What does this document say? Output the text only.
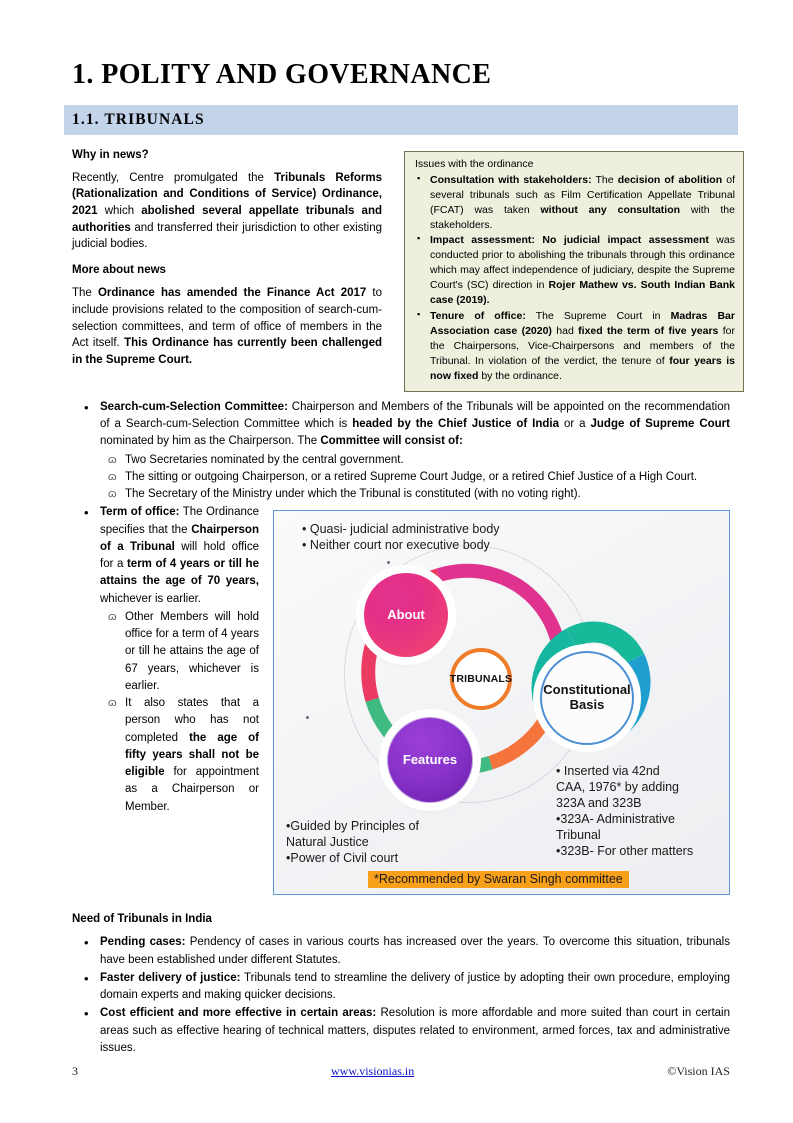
1. POLITY AND GOVERNANCE
1.1. TRIBUNALS
Why in news?

Recently, Centre promulgated the Tribunals Reforms (Rationalization and Conditions of Service) Ordinance, 2021 which abolished several appellate tribunals and authorities and transferred their jurisdiction to other existing judicial bodies.

More about news

The Ordinance has amended the Finance Act 2017 to include provisions related to the composition of search-cum-selection committees, and term of office of members in the Act itself. This Ordinance has currently been challenged in the Supreme Court.

Issues with the ordinance
▪ Consultation with stakeholders: The decision of abolition of several tribunals such as Film Certification Appellate Tribunal (FCAT) was taken without any consultation with the stakeholders.
▪ Impact assessment: No judicial impact assessment was conducted prior to abolishing the tribunals through this ordinance which may affect independence of judiciary, despite the Supreme Court's (SC) direction in Rojer Mathew vs. South Indian Bank case (2019).
▪ Tenure of office: The Supreme Court in Madras Bar Association case (2020) had fixed the term of five years for the Chairpersons, Vice-Chairpersons and members of the Tribunal. In violation of the verdict, the tenure of four years is now fixed by the ordinance.
• Search-cum-Selection Committee: Chairperson and Members of the Tribunals will be appointed on the recommendation of a Search-cum-Selection Committee which is headed by the Chief Justice of India or a Judge of Supreme Court nominated by him as the Chairperson. The Committee will consist of:
ɷ Two Secretaries nominated by the central government.
ɷ The sitting or outgoing Chairperson, or a retired Supreme Court Judge, or a retired Chief Justice of a High Court.
ɷ The Secretary of the Ministry under which the Tribunal is constituted (with no voting right).
About
Features
Constitutional Basis
TRIBUNALS
• Quasi- judicial administrative body
• Neither court nor executive body
•Guided by Principles of
Natural Justice
•Power of Civil court
• Inserted via 42nd
CAA, 1976* by adding
323A and 323B
•323A- Administrative
Tribunal
•323B- For other matters
*Recommended by Swaran Singh committee
• Term of office: The Ordinance specifies that the Chairperson of a Tribunal will hold office for a term of 4 years or till he attains the age of 70 years, whichever is earlier.
ɷ Other Members will hold office for a term of 4 years or till he attains the age of 67 years, whichever is earlier.
ɷ It also states that a person who has not completed the age of fifty years shall not be eligible for appointment as a Chairperson or Member.
Need of Tribunals in India
• Pending cases: Pendency of cases in various courts has increased over the years. To overcome this situation, tribunals have been established under different Statutes.
• Faster delivery of justice: Tribunals tend to streamline the delivery of justice by adopting their own procedure, employing domain experts and making quicker decisions.
• Cost efficient and more effective in certain areas: Resolution is more affordable and more suited than court in certain areas such as effective hearing of technical matters, disputes related to environment, armed forces, tax and administrative issues.
3	www.visionias.in	©Vision IAS
